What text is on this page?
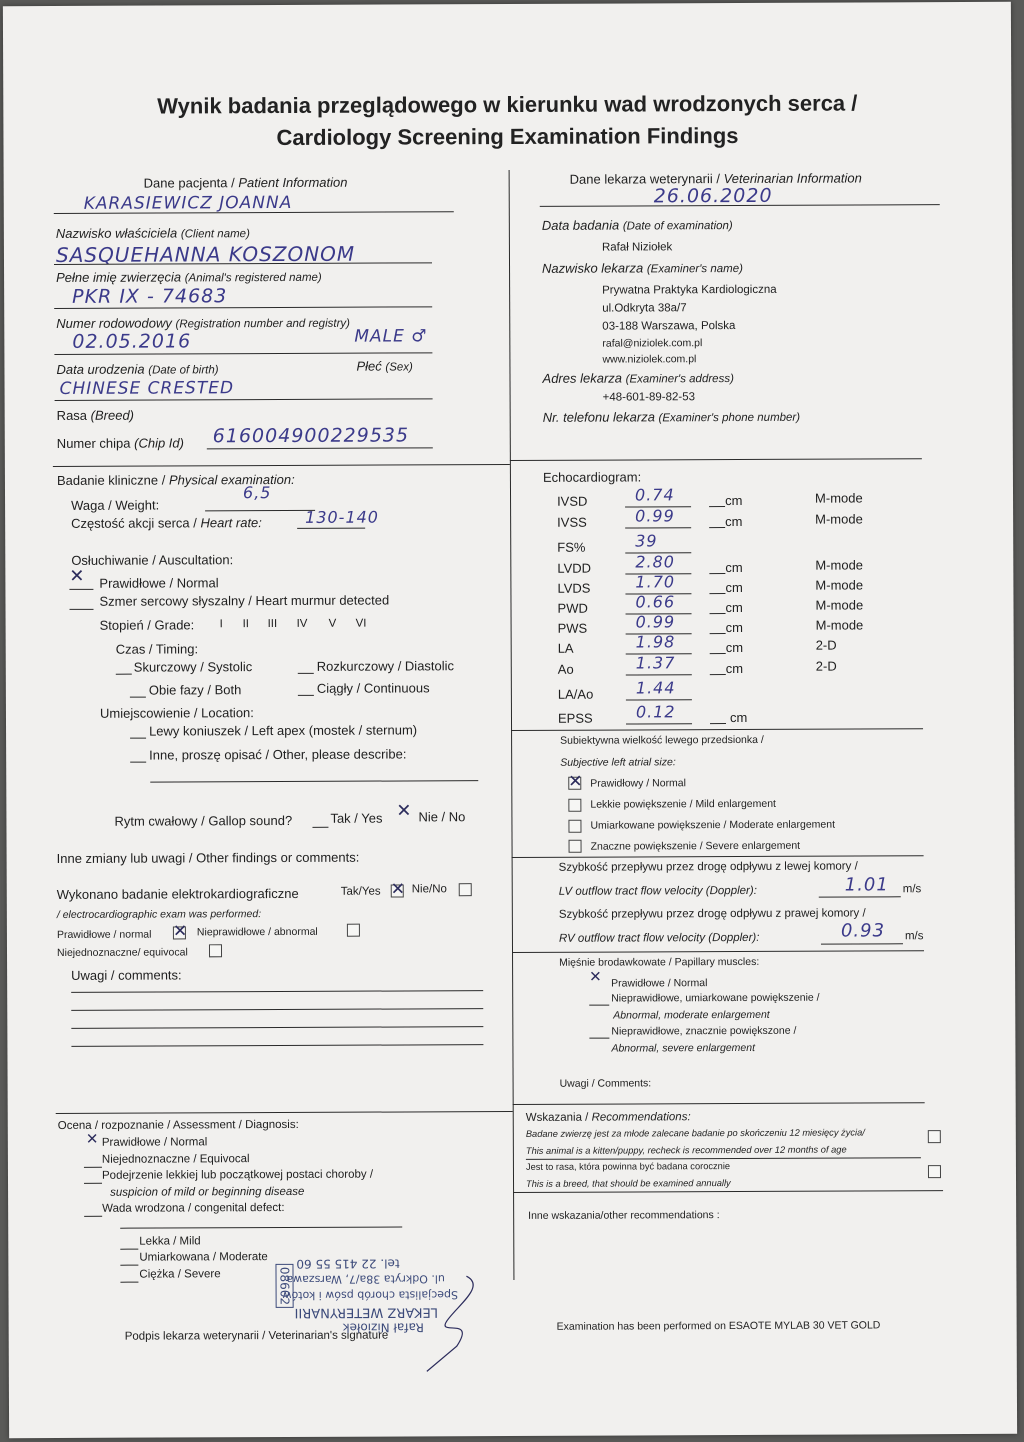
Wynik badania przeglądowego w kierunku wad wrodzonych serca /
Cardiology Screening Examination Findings
Dane pacjenta / Patient Information
KARASIEWICZ JOANNA
Nazwisko właściciela (Client name)
SASQUEHANNA KOSZONOM
Pełne imię zwierzęcia (Animal's registered name)
PKR IX - 74683
Numer rodowodowy (Registration number and registry)
02.05.2016	MALE ♂
Data urodzenia (Date of birth)	Płeć (Sex)
CHINESE CRESTED
Rasa (Breed)
Numer chipa (Chip Id) 616004900229535
Badanie kliniczne / Physical examination:
Waga / Weight:
6,5
Częstość akcji serca / Heart rate:	130-140
Osłuchiwanie / Auscultation:
✕ Prawidłowe / Normal
Szmer sercowy słyszalny / Heart murmur detected
Stopień / Grade: I II III IV V VI
Czas / Timing:
Skurczowy / Systolic	Rozkurczowy / Diastolic
Obie fazy / Both	Ciągły / Continuous
Umiejscowienie / Location:
Lewy koniuszek / Left apex (mostek / sternum)
Inne, proszę opisać / Other, please describe:
Rytm cwałowy / Gallop sound?	Tak / Yes ✕ Nie / No
Inne zmiany lub uwagi / Other findings or comments:
Wykonano badanie elektrokardiograficzne	Tak/Yes ✕	Nie/No
/ electrocardiographic exam was performed:
Prawidłowe / normal ✕	Nieprawidłowe / abnormal
Niejednoznaczne/ equivocal
Uwagi / comments:
Ocena / rozpoznanie / Assessment / Diagnosis:
✕ Prawidłowe / Normal
Niejednoznaczne / Equivocal
Podejrzenie lekkiej lub początkowej postaci choroby /
suspicion of mild or beginning disease
Wada wrodzona / congenital defect:
Lekka / Mild
Umiarkowana / Moderate
Ciężka / Severe
Podpis lekarza weterynarii / Veterinarian's signature
tel. 22 415 55 60
ul. Odkryta 38a/7, Warszawa
Specjalista chorób psów i kotów
LEKARZ WETERYNARII
Rafał Niziołek
08602
Dane lekarza weterynarii / Veterinarian Information
26.06.2020
Data badania (Date of examination)
Rafał Niziołek
Nazwisko lekarza (Examiner's name)
Prywatna Praktyka Kardiologiczna
ul.Odkryta 38a/7
03-188 Warszawa, Polska
rafal@niziolek.com.pl
www.niziolek.com.pl
Adres lekarza (Examiner's address)
+48-601-89-82-53
Nr. telefonu lekarza (Examiner's phone number)
Echocardiogram:
Subiektywna wielkość lewego przedsionka /
Subjective left atrial size:
✕
Prawidłowy / Normal
Lekkie powiększenie / Mild enlargement
Umiarkowane powiększenie / Moderate enlargement
Znaczne powiększenie / Severe enlargement
Szybkość przepływu przez drogę odpływu z lewej komory /
LV outflow tract flow velocity (Doppler):	1.01 m/s
Szybkość przepływu przez drogę odpływu z prawej komory /
RV outflow tract flow velocity (Doppler):	0.93 m/s
Mięśnie brodawkowate / Papillary muscles:
✕ Prawidłowe / Normal
Nieprawidłowe, umiarkowane powiększenie /
Abnormal, moderate enlargement
Nieprawidłowe, znacznie powiększone /
Abnormal, severe enlargement
Uwagi / Comments:
Wskazania / Recommendations:
Badane zwierzę jest za młode zalecane badanie po skończeniu 12 miesięcy życia/
This animal is a kitten/puppy, recheck is recommended over 12 months of age
Jest to rasa, która powinna być badana corocznie
This is a breed, that should be examined annually
Inne wskazania/other recommendations :
Examination has been performed on ESAOTE MYLAB 30 VET GOLD
IVSD	0.74	cm	M-mode
IVSS	0.99	cm	M-mode
FS%	39
LVDD	2.80	cm	M-mode
LVDS	1.70	cm	M-mode
PWD	0.66	cm	M-mode
PWS	0.99	cm	M-mode
LA	1.98	cm	2-D
Ao	1.37	cm	2-D
LA/Ao	1.44
EPSS	0.12	cm
